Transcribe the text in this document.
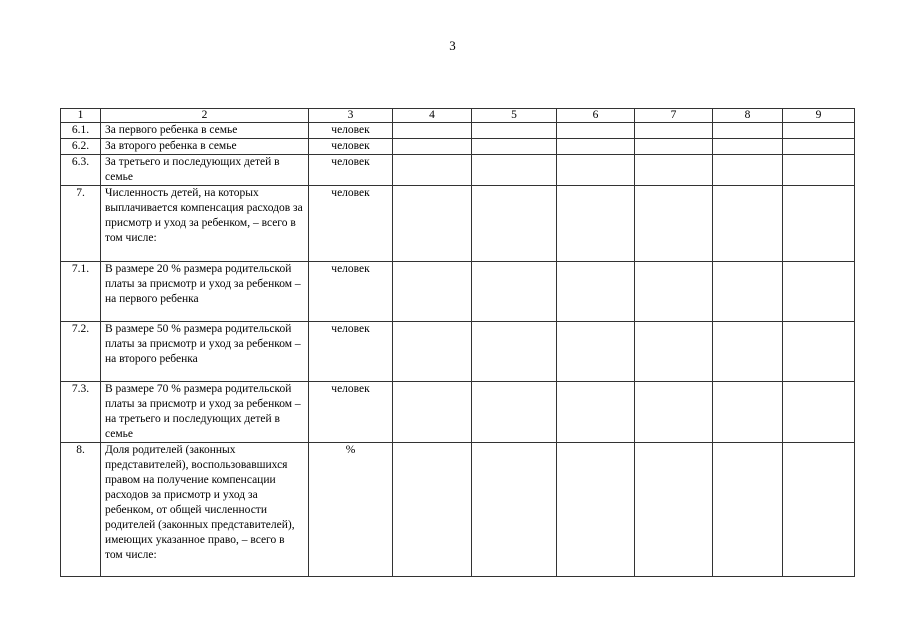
3
1	2	3	4	5	6	7	8	9
6.1.	За первого ребенка в семье	человек						
6.2.	За второго ребенка в семье	человек						
6.3.	За третьего и последующих детей в семье	человек						
7.	Численность детей, на которых выплачивается компенсация расходов за присмотр и уход за ребенком, – всего в том числе:	человек						
7.1.	В размере 20 % размера родительской платы за присмотр и уход за ребенком – на первого ребенка	человек						
7.2.	В размере 50 % размера родительской платы за присмотр и уход за ребенком – на второго ребенка	человек						
7.3.	В размере 70 % размера родительской платы за присмотр и уход за ребенком – на третьего и последующих детей в семье	человек						
8.	Доля родителей (законных представителей), воспользовавшихся правом на получение компенсации расходов за присмотр и уход за ребенком, от общей численности родителей (законных представителей), имеющих указанное право, – всего в том числе:	%						
